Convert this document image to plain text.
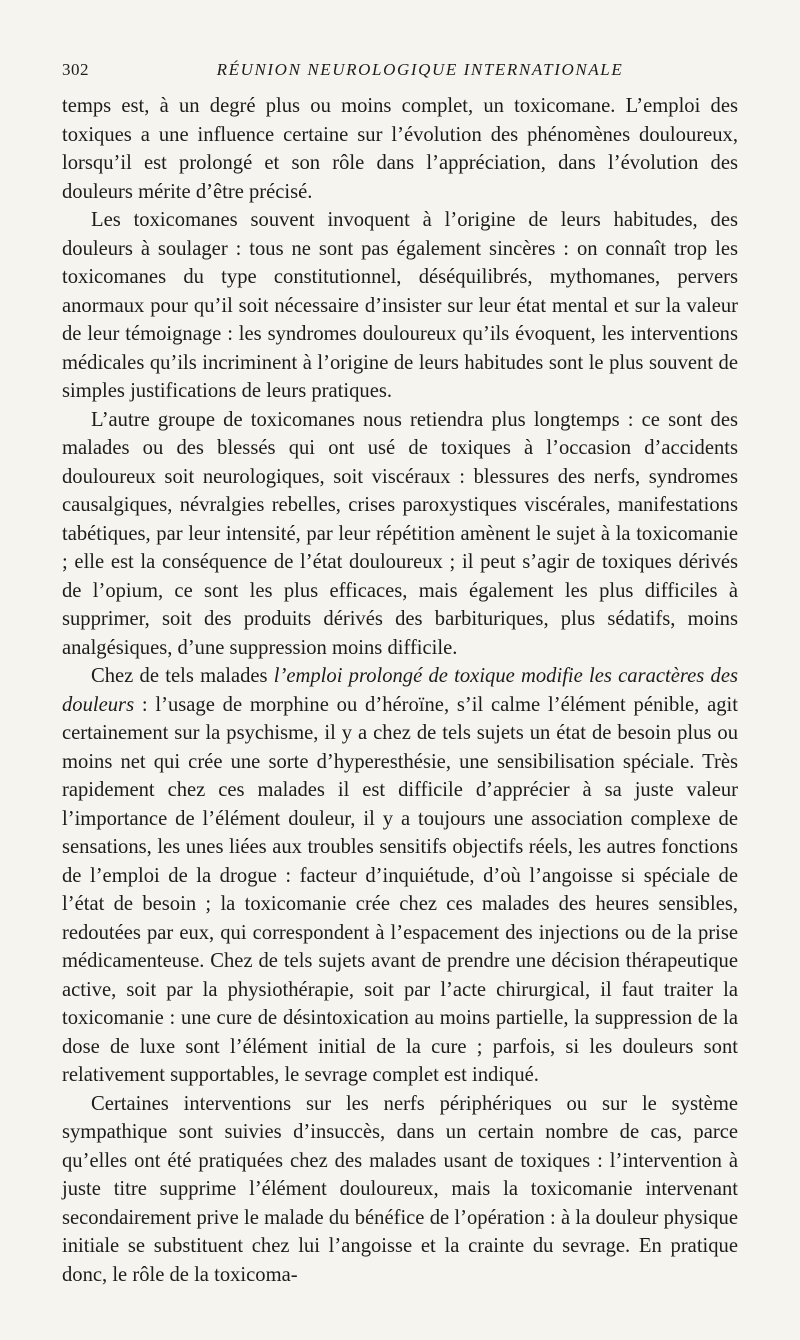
302	RÉUNION NEUROLOGIQUE INTERNATIONALE

temps est, à un degré plus ou moins complet, un toxicomane. L’emploi des toxiques a une influence certaine sur l’évolution des phénomènes douloureux, lorsqu’il est prolongé et son rôle dans l’appréciation, dans l’évolution des douleurs mérite d’être précisé.

Les toxicomanes souvent invoquent à l’origine de leurs habitudes, des douleurs à soulager : tous ne sont pas également sincères : on connaît trop les toxicomanes du type constitutionnel, déséquilibrés, mythomanes, pervers anormaux pour qu’il soit nécessaire d’insister sur leur état mental et sur la valeur de leur témoignage : les syndromes douloureux qu’ils évoquent, les interventions médicales qu’ils incriminent à l’origine de leurs habitudes sont le plus souvent de simples justifications de leurs pratiques.

L’autre groupe de toxicomanes nous retiendra plus longtemps : ce sont des malades ou des blessés qui ont usé de toxiques à l’occasion d’accidents douloureux soit neurologiques, soit viscéraux : blessures des nerfs, syndromes causalgiques, névralgies rebelles, crises paroxystiques viscérales, manifestations tabétiques, par leur intensité, par leur répétition amènent le sujet à la toxicomanie ; elle est la conséquence de l’état douloureux ; il peut s’agir de toxiques dérivés de l’opium, ce sont les plus efficaces, mais également les plus difficiles à supprimer, soit des produits dérivés des barbituriques, plus sédatifs, moins analgésiques, d’une suppression moins difficile.

Chez de tels malades l’emploi prolongé de toxique modifie les caractères des douleurs : l’usage de morphine ou d’héroïne, s’il calme l’élément pénible, agit certainement sur la psychisme, il y a chez de tels sujets un état de besoin plus ou moins net qui crée une sorte d’hyperesthésie, une sensibilisation spéciale. Très rapidement chez ces malades il est difficile d’apprécier à sa juste valeur l’importance de l’élément douleur, il y a toujours une association complexe de sensations, les unes liées aux troubles sensitifs objectifs réels, les autres fonctions de l’emploi de la drogue : facteur d’inquiétude, d’où l’angoisse si spéciale de l’état de besoin ; la toxicomanie crée chez ces malades des heures sensibles, redoutées par eux, qui correspondent à l’espacement des injections ou de la prise médicamenteuse. Chez de tels sujets avant de prendre une décision thérapeutique active, soit par la physiothérapie, soit par l’acte chirurgical, il faut traiter la toxicomanie : une cure de désintoxication au moins partielle, la suppression de la dose de luxe sont l’élément initial de la cure ; parfois, si les douleurs sont relativement supportables, le sevrage complet est indiqué.

Certaines interventions sur les nerfs périphériques ou sur le système sympathique sont suivies d’insuccès, dans un certain nombre de cas, parce qu’elles ont été pratiquées chez des malades usant de toxiques : l’intervention à juste titre supprime l’élément douloureux, mais la toxicomanie intervenant secondairement prive le malade du bénéfice de l’opération : à la douleur physique initiale se substituent chez lui l’angoisse et la crainte du sevrage. En pratique donc, le rôle de la toxicoma-
